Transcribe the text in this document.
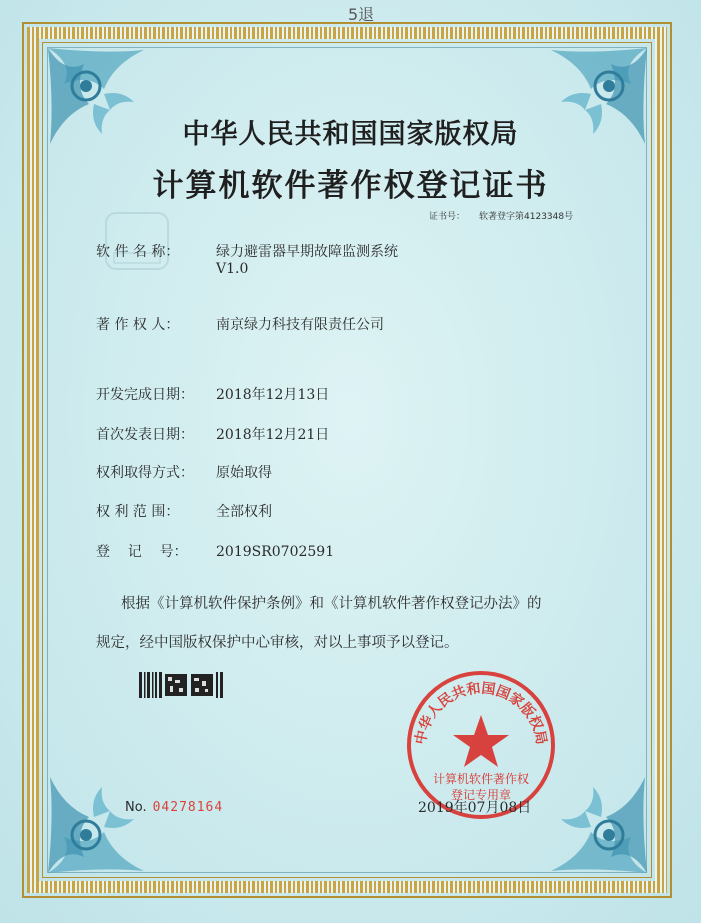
5退
中华人民共和国国家版权局
计算机软件著作权登记证书
证书号： 软著登字第4123348号
软 件 名 称：	绿力避雷器早期故障监测系统
V1.0
著 作 权 人：	南京绿力科技有限责任公司
开发完成日期： 2018年12月13日
首次发表日期： 2018年12月21日
权利取得方式： 原始取得
权 利 范 围：	全部权利
登    记    号： 2019SR0702591
根据《计算机软件保护条例》和《计算机软件著作权登记办法》的
规定，经中国版权保护中心审核，对以上事项予以登记。
中华人民共和国国家版权局
计算机软件著作权
登记专用章
No. 04278164	2019年07月08日
